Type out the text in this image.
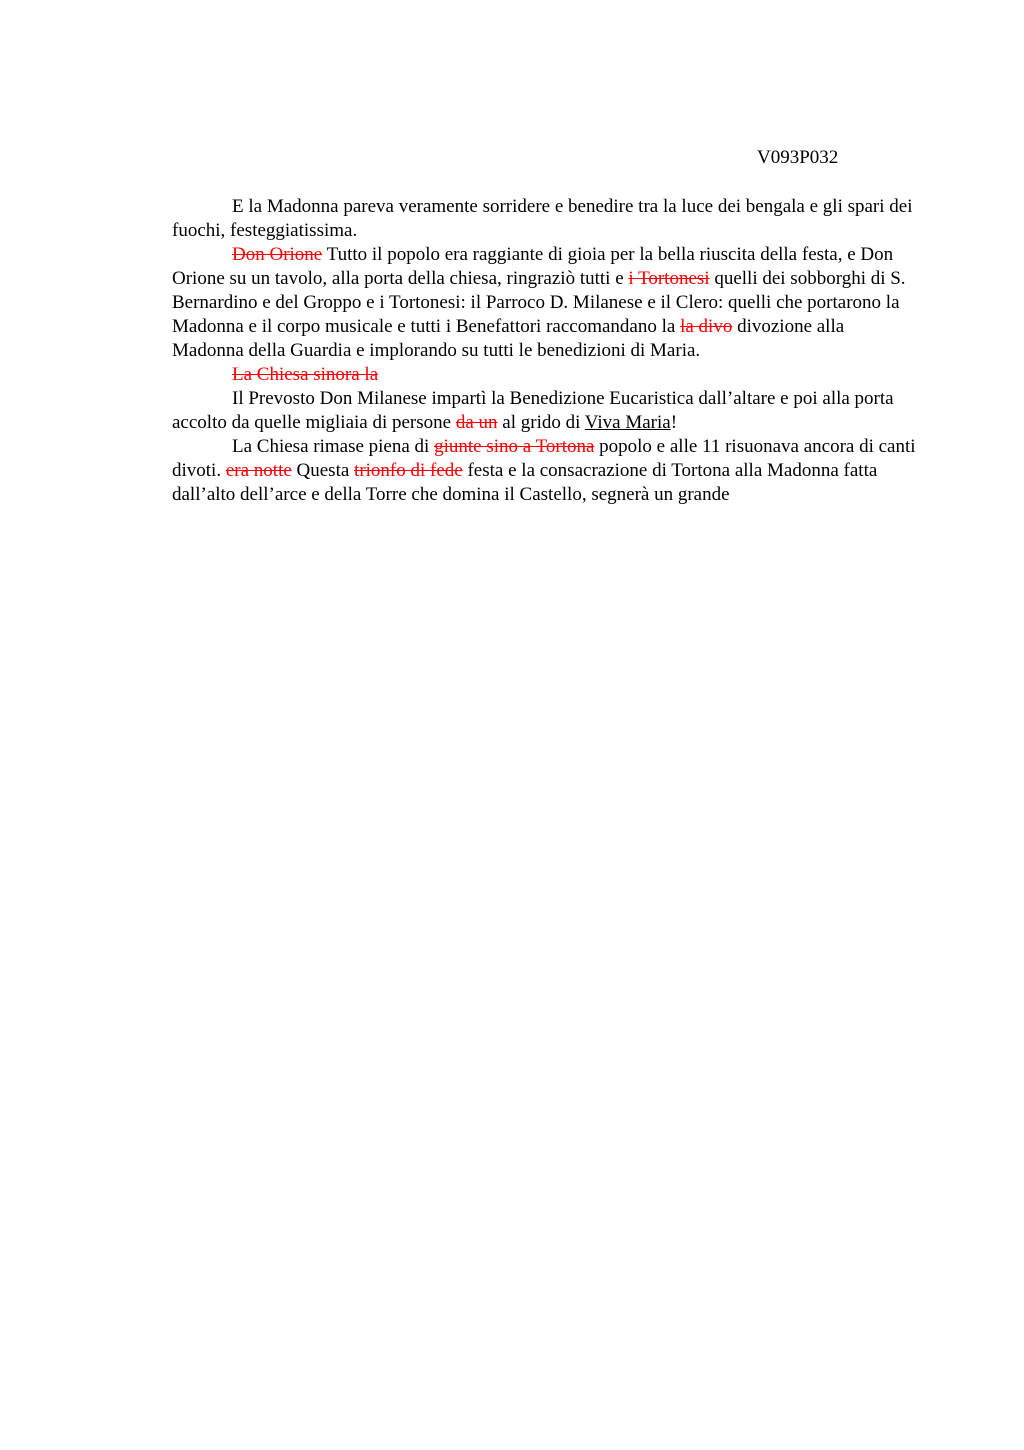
V093P032

E la Madonna pareva veramente sorridere e benedire tra la luce dei bengala e gli spari dei fuochi, festeggiatissima.

Don Orione Tutto il popolo era raggiante di gioia per la bella riuscita della festa, e Don Orione su un tavolo, alla porta della chiesa, ringraziò tutti e i Tortonesi quelli dei sobborghi di S. Bernardino e del Groppo e i Tortonesi: il Parroco D. Milanese e il Clero: quelli che portarono la Madonna e il corpo musicale e tutti i Benefattori raccomandano la la divo divozione alla Madonna della Guardia e implorando su tutti le benedizioni di Maria.

La Chiesa sinora la

Il Prevosto Don Milanese impartì la Benedizione Eucaristica dall’altare e poi alla porta accolto da quelle migliaia di persone da un al grido di Viva Maria!

La Chiesa rimase piena di giunte sino a Tortona popolo e alle 11 risuonava ancora di canti divoti. era notte Questa trionfo di fede festa e la consacrazione di Tortona alla Madonna fatta dall’alto dell’arce e della Torre che domina il Castello, segnerà un grande
